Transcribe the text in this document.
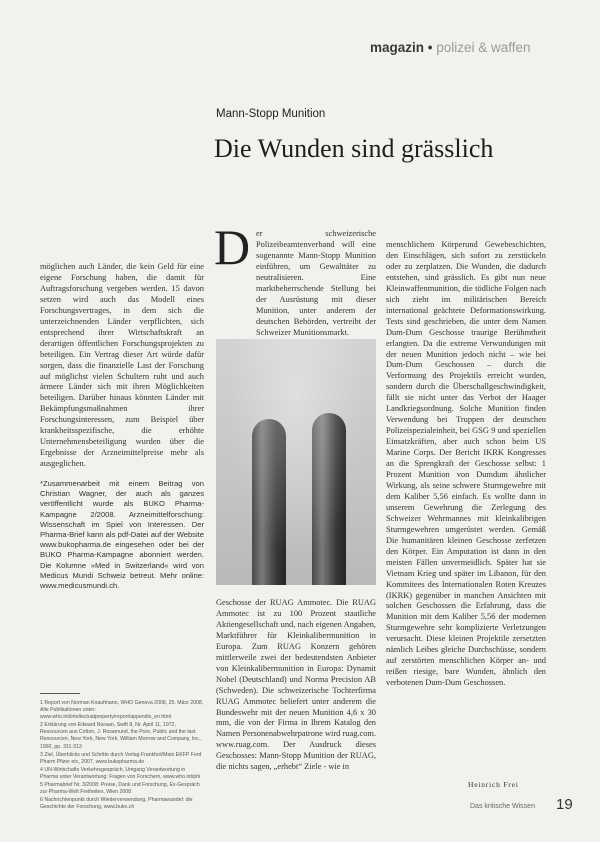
magazin • polizei & waffen
Mann-Stopp Munition
Die Wunden sind grässlich

möglichen auch Länder, die kein Geld für eine eigene Forschung haben, die damit für Auftragsforschung vergeben werden. 15 davon setzen wird auch das Modell eines Forschungsvertrages, in dem sich die unterzeichnenden Länder verpflichten, sich entsprechend ihrer Wirtschaftskraft an derartigen öffentlichen Forschungsprojekten zu beteiligen. Ein Vertrag dieser Art würde dafür sorgen, dass die finanzielle Last der Forschung auf möglichst vielen Schultern ruht und auch ärmere Länder sich mit ihren Möglichkeiten beteiligen. Darüber hinaus könnten Länder mit Bekämpfungsmaßnahmen ihrer Forschungsinteressen, zum Beispiel über krankheitsspezifische, die erhöhte Unternehmensbeteiligung wurden über die Ergebnisse der Arzneimittelpreise mehr als ausgeglichen.

D er schweizerische Polizeibeamtenverband will eine sogenannte Mann-Stopp Munition einführen, um Gewalttäter zu neutralisieren. Eine marktbeherrschende Stellung bei der Ausrüstung mit dieser Munition, unter anderem der deutschen Behörden, vertreibt der Schweizer Munitionsmarkt.

Geschosse der RUAG Ammotec. Die RUAG Ammotec ist zu 100 Prozent staatliche Aktiengesellschaft und, nach eigenen Angaben, Marktführer für Kleinkalibermunition in Europa. Zum RUAG Konzern gehören mittlerweile zwei der bedeutendsten Anbieter von Kleinkalibermunition in Europa: Dynamit Nobel (Deutschland) und Norma Precision AB (Schweden). Die schweizerische Tochterfirma RUAG Ammotec beliefert unter anderem die Bundeswehr mit der neuen Munition 4,6 x 30 mm, die von der Firma in Ihrem Katalog den Namen Personenabwehrpatrone wird ruag.com. www.ruag.com. Der Ausdruck dieses Geschosses: Mann-Stopp Munition der RUAG, die nichts sagen, „erhebt“ Ziele - wie in

menschlichem Körperund Gewebeschichten, den Einschlägen, sich sofort zu zerstückeln oder zu zerplatzen. Die Wunden, die dadurch entstehen, sind grässlich. Es gibt nun neue Kleinwaffenmunition, die tödliche Folgen nach sich zieht im militärischen Bereich international geächtete Deformationswirkung. Tests sind geschrieben, die unter dem Namen Dum-Dum Geschosse traurige Berühmtheit erlangten. Da die extreme Verwundungen mit der neuen Munition jedoch nicht – wie bei Dum-Dum Geschossen – durch die Verformung des Projektils erreicht wurden, sondern durch die Überschallgeschwindigkeit, fällt sie nicht unter das Verbot der Haager Landkriegsordnung. Solche Munition finden Verwendung bei Truppen der deutschen Polizeispezialeinheit, bei GSG 9 und speziellen Einsatzkräften, aber auch schon beim US Marine Corps. Der Bericht IKRK Kongresses an die Sprengkraft der Geschosse selbst: 1 Prozent Munition von Dumdum ähnlicher Wirkung, als seine schwere Sturmgewehre mit dem Kaliber 5,56 einfach. Es wollte dann in unserem Gewehrung die Zerlegung des Schweizer Wehrmannes mit kleinkalibrigen Sturmgewehren umgerüstet werden. Gemäß Die humanitären kleinen Geschosse zerfetzen den Körper. Ein Amputation ist dann in den meisten Fällen unvermeidlich. Später hat sie Vietnam Krieg und später im Libanon, für den Kommitees des Internationalen Roten Kreuzes (IKRK) gegenüber in manchen Ansichten mit solchen Geschossen die Erfahrung, dass die Munition mit dem Kaliber 5,56 der modernen Sturmgewehre sehr komplizierte Verletzungen verursacht. Diese kleinen Projektile zersetzten nämlich Leibes gleiche Durchschüsse, sondern auf zerstörten menschlichen Körper an- und reißen riesige, bare Wunden, ähnlich den verbotenen Dum-Dum Geschossen.

*Zusammenarbeit mit einem Beitrag von Christian Wagner, der auch als ganzes veröffentlicht wurde als BUKO Pharma-Kampagne 2/2008. Arzneimittelforschung: Wissenschaft im Spiel von Interessen. Der Pharma-Brief kann als pdf-Datei auf der Website www.bukopharma.de eingesehen oder bei der BUKO Pharma-Kampagne abonniert werden. Die Kolumne »Med in Switzerland« wird von Medicus Mundi Schweiz betreut. Mehr online: www.medicusmundi.ch.
1 Report von Norman Knaufmann, WHO Geneva 2008, 25. März 2008, Alle Publikationen unter: www.who.int/intellectualproperty/report/appendix_en.html
2 Erklärung von Edward Nuraan, Swift 8, Nr. April 11, 1972, Ressourcen aus Cotton, J. Rosamund, the Pure, Public and the last. Ressourcen, New York, New York, William Morrow and Company, Inc., 1992, pp. 311-313
3 Ziel, Überblicks und Schritte durch Verlag Frankfurt/Main EKFP Ford Pharm Pfizer etc, 2007, www.bukopharma.de
4 UN-Wirtschafts Verkehrsgespräch, Umgang Verantwortung in Pharma unter Verantwortung: Fragen von Forschern, www.who.int/phi
5 Pharmabrief Nr. 3/2008: Preise, Dank und Forschung, Ex-Gespräch zur Pharma-Welt Freiheiten, Wien 2008
6 Nachrichtenpunkt durch Wiederverwendung, Pharmawandel: die Geschichte der Forschung, www.buko.ch
Heinrich Frei
Das kritische Wissen 19
